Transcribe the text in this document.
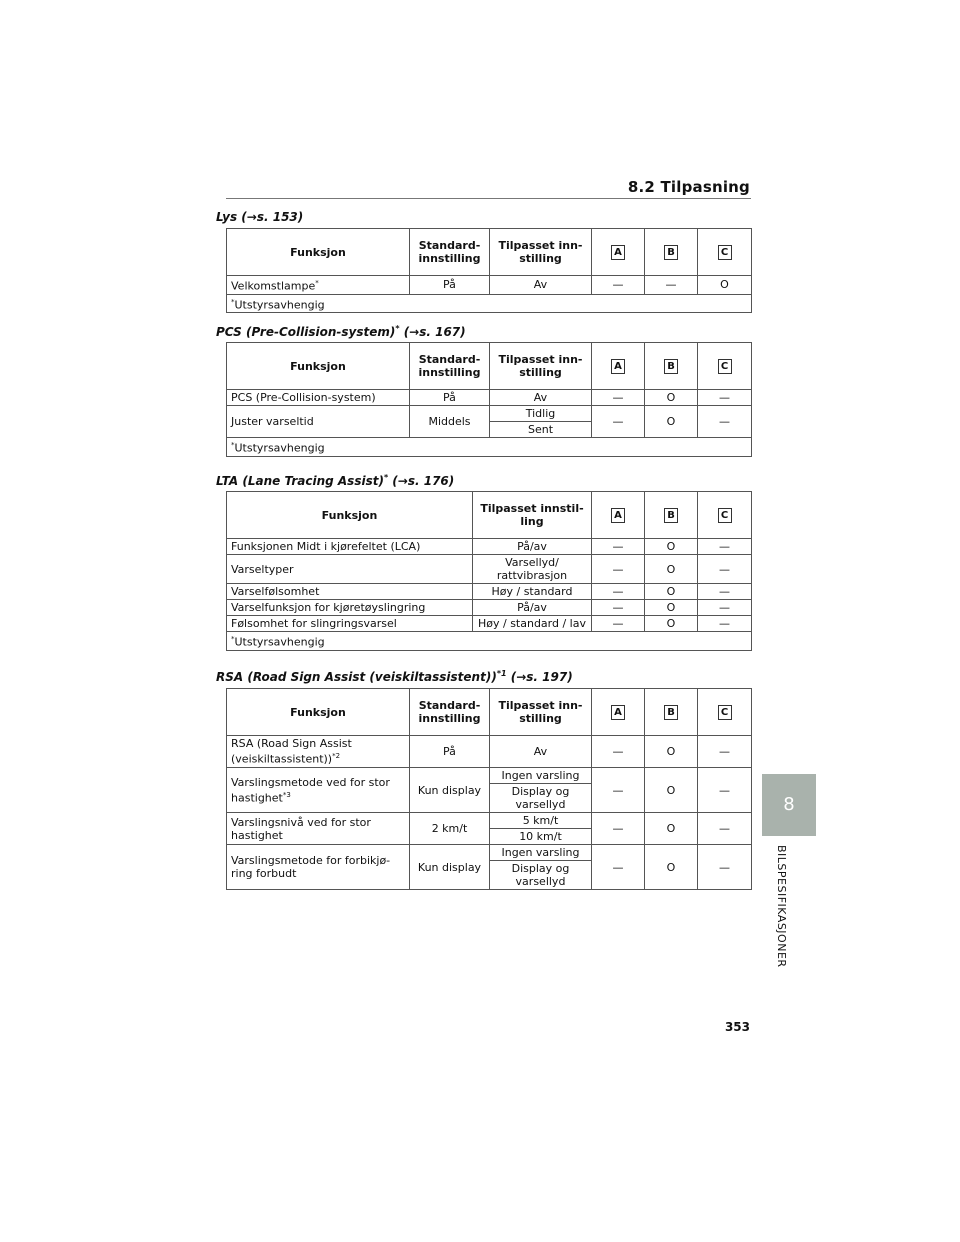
8.2 Tilpasning
Lys (→s. 153)
Funksjon	Standard-innstilling	Tilpasset inn-stilling	A	B	C
Velkomstlampe*	På	Av	—	—	O
*Utstyrsavhengig					
PCS (Pre-Collision-system)* (→s. 167)
Funksjon	Standard-innstilling	Tilpasset inn-stilling	A	B	C
PCS (Pre-Collision-system)	På	Av	—	O	—
Juster varseltid	Middels	Tidlig	—	O	—
		Sent			
*Utstyrsavhengig					
LTA (Lane Tracing Assist)* (→s. 176)
Funksjon	Tilpasset innstil-ling	A	B	C
Funksjonen Midt i kjørefeltet (LCA)	På/av	—	O	—
Varseltyper	Varsellyd/ rattvibrasjon	—	O	—
Varselfølsomhet	Høy / standard	—	O	—
Varselfunksjon for kjøretøyslingring	På/av	—	O	—
Følsomhet for slingringsvarsel	Høy / standard / lav	—	O	—
*Utstyrsavhengig				
RSA (Road Sign Assist (veiskiltassistent))$^{*1}$ (→s. 197)
Funksjon	Standard-innstilling	Tilpasset inn-stilling	A	B	C
RSA (Road Sign Assist (veiskiltassistent))$^{*2}$	På	Av	—	O	—
Varslingsmetode ved for stor hastighet$^{*3}$	Kun display	Ingen varsling	—	O	—
		Display og varsellyd			
Varslingsnivå ved for stor hastighet	2 km/t	5 km/t	—	O	—
		10 km/t			
Varslingsmetode for forbikjø-ring forbudt	Kun display	Ingen varsling	—	O	—
		Display og varsellyd			
8
BILSPESIFIKASJONER
353
